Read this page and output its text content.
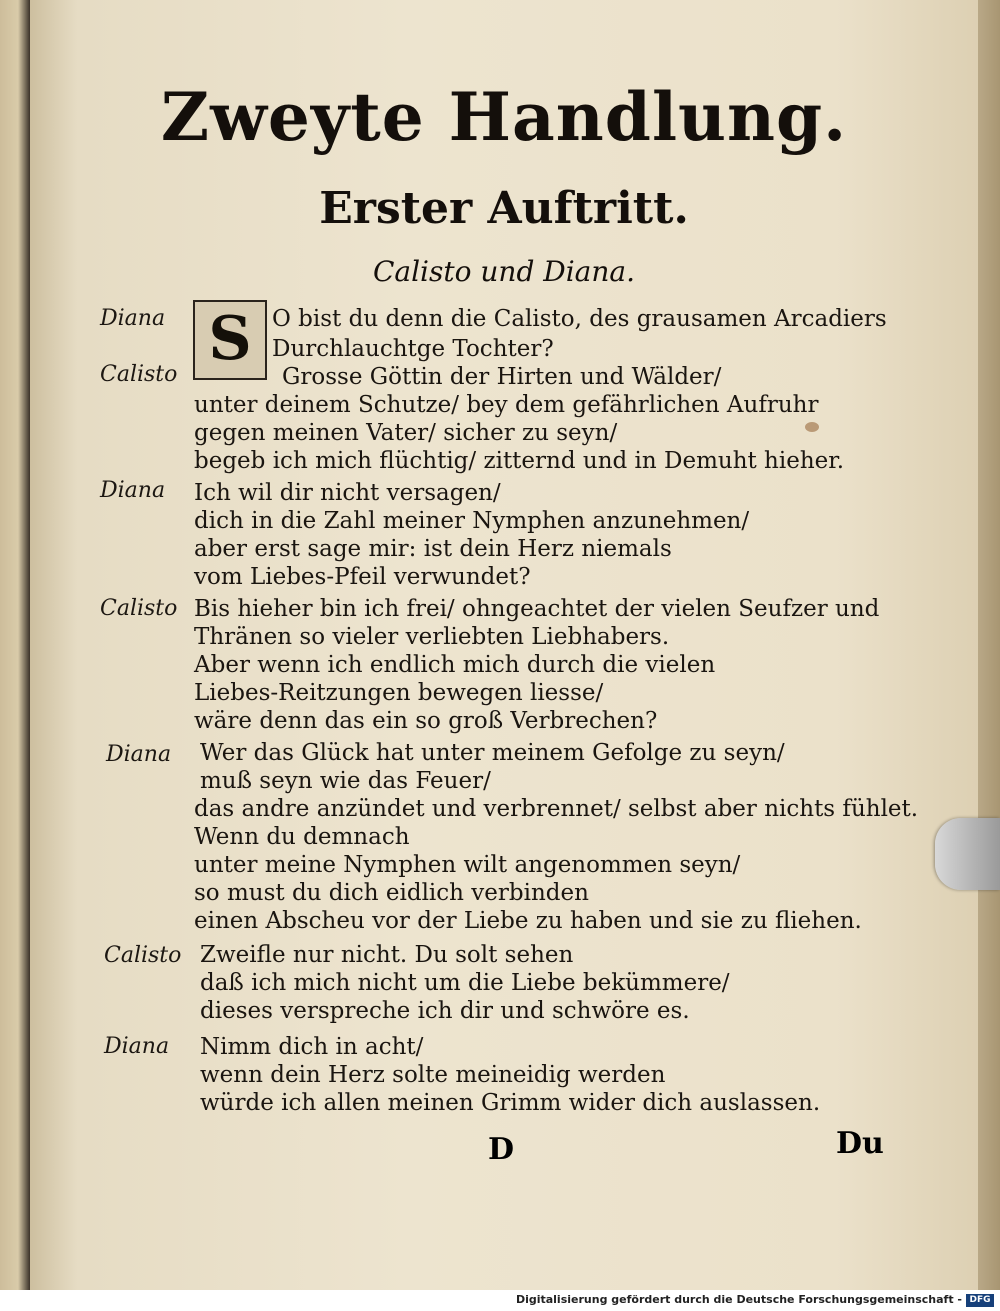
Zweyte Handlung.
Erster Auftritt.
Calisto und Diana.
S
Diana
Calisto
Diana
Calisto
Diana
Calisto
Diana
O bist du denn die Calisto, des grausamen Arcadiers
Durchlauchtge Tochter?
Grosse Göttin der Hirten und Wälder/
unter deinem Schutze/ bey dem gefährlichen Aufruhr
gegen meinen Vater/ sicher zu seyn/
begeb ich mich flüchtig/ zitternd und in Demuht hieher.
Ich wil dir nicht versagen/
dich in die Zahl meiner Nymphen anzunehmen/
aber erst sage mir: ist dein Herz niemals
vom Liebes-Pfeil verwundet?
Bis hieher bin ich frei/ ohngeachtet der vielen Seufzer und
Thränen so vieler verliebten Liebhabers.
Aber wenn ich endlich mich durch die vielen
Liebes-Reitzungen bewegen liesse/
wäre denn das ein so groß Verbrechen?
Wer das Glück hat unter meinem Gefolge zu seyn/
muß seyn wie das Feuer/
das andre anzündet und verbrennet/ selbst aber nichts fühlet.
Wenn du demnach
unter meine Nymphen wilt angenommen seyn/
so must du dich eidlich verbinden
einen Abscheu vor der Liebe zu haben und sie zu fliehen.
Zweifle nur nicht. Du solt sehen
daß ich mich nicht um die Liebe bekümmere/
dieses verspreche ich dir und schwöre es.
Nimm dich in acht/
wenn dein Herz solte meineidig werden
würde ich allen meinen Grimm wider dich auslassen.
D	Du
Digitalisierung gefördert durch die Deutsche Forschungsgemeinschaft - DFG
